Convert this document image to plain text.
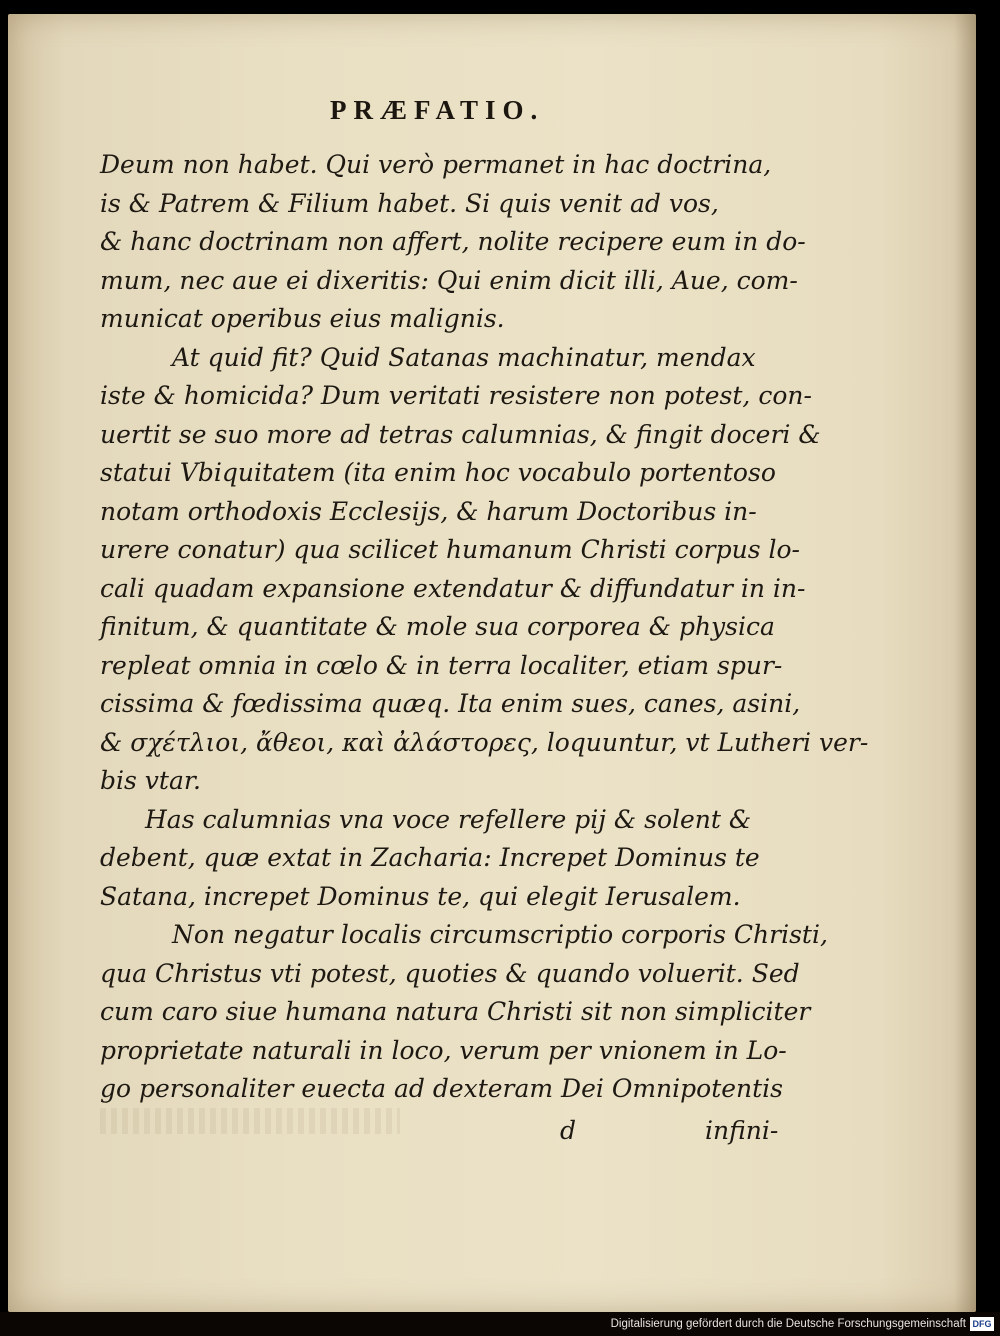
PRÆFATIO.
Deum non habet. Qui verò permanet in hac doctrina,
is & Patrem & Filium habet. Si quis venit ad vos,
& hanc doctrinam non affert, nolite recipere eum in do-
mum, nec aue ei dixeritis: Qui enim dicit illi, Aue, com-
municat operibus eius malignis.
At quid fit? Quid Satanas machinatur, mendax
iste & homicida? Dum veritati resistere non potest, con-
uertit se suo more ad tetras calumnias, & fingit doceri &
statui Vbiquitatem (ita enim hoc vocabulo portentoso
notam orthodoxis Ecclesijs, & harum Doctoribus in-
urere conatur) qua scilicet humanum Christi corpus lo-
cali quadam expansione extendatur & diffundatur in in-
finitum, & quantitate & mole sua corporea & physica
repleat omnia in cœlo & in terra localiter, etiam spur-
cissima & fœdissima quæq. Ita enim sues, canes, asini,
& σχέτλιοι, ἄθεοι, καὶ ἀλάστορες, loquuntur, vt Lutheri ver-
bis vtar.
Has calumnias vna voce refellere pij & solent &
debent, quæ extat in Zacharia: Increpet Dominus te
Satana, increpet Dominus te, qui elegit Ierusalem.
Non negatur localis circumscriptio corporis Christi,
qua Christus vti potest, quoties & quando voluerit. Sed
cum caro siue humana natura Christi sit non simpliciter
proprietate naturali in loco, verum per vnionem in Lo-
go personaliter euecta ad dexteram Dei Omnipotentis
d	infini-
Digitalisierung gefördert durch die Deutsche Forschungsgemeinschaft DFG
